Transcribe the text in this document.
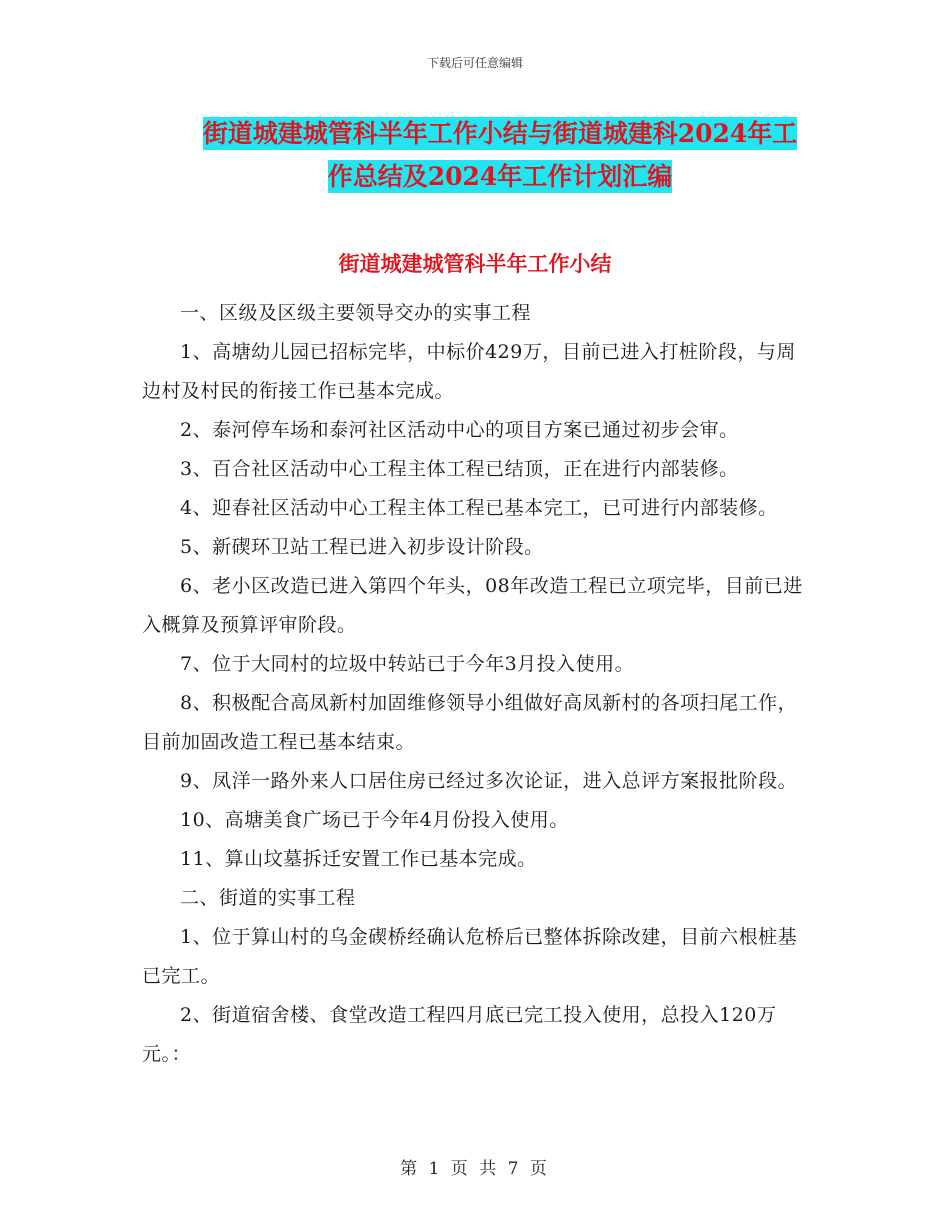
下载后可任意编辑
街道城建城管科半年工作小结与街道城建科2024年工
作总结及2024年工作计划汇编
街道城建城管科半年工作小结

一、区级及区级主要领导交办的实事工程

1、高塘幼儿园已招标完毕，中标价429万，目前已进入打桩阶段，与周边村及村民的衔接工作已基本完成。

2、泰河停车场和泰河社区活动中心的项目方案已通过初步会审。

3、百合社区活动中心工程主体工程已结顶，正在进行内部装修。

4、迎春社区活动中心工程主体工程已基本完工，已可进行内部装修。

5、新碶环卫站工程已进入初步设计阶段。

6、老小区改造已进入第四个年头，08年改造工程已立项完毕，目前已进入概算及预算评审阶段。

7、位于大同村的垃圾中转站已于今年3月投入使用。

8、积极配合高凤新村加固维修领导小组做好高凤新村的各项扫尾工作，目前加固改造工程已基本结束。

9、凤洋一路外来人口居住房已经过多次论证，进入总评方案报批阶段。

10、高塘美食广场已于今年4月份投入使用。

11、算山坟墓拆迁安置工作已基本完成。

二、街道的实事工程

1、位于算山村的乌金碶桥经确认危桥后已整体拆除改建，目前六根桩基已完工。

2、街道宿舍楼、食堂改造工程四月底已完工投入使用，总投入120万元。：

第 1 页 共 7 页
